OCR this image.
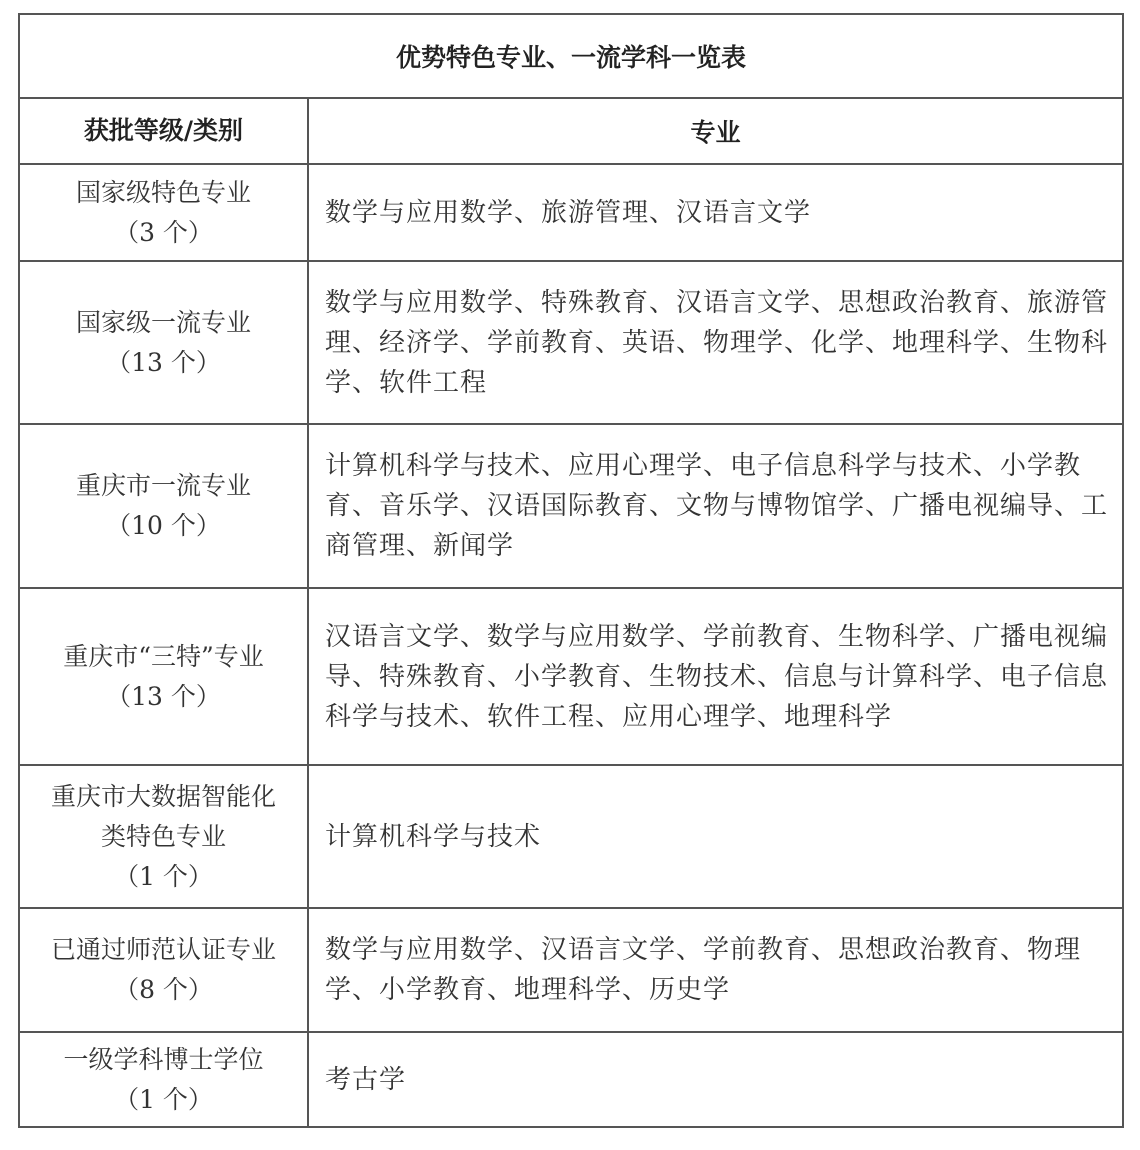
优势特色专业、一流学科一览表	
获批等级/类别	专业

国家级特色专业
（3 个）	数学与应用数学、旅游管理、汉语言文学

国家级一流专业
（13 个）	数学与应用数学、特殊教育、汉语言文学、思想政治教育、旅游管理、经济学、学前教育、英语、物理学、化学、地理科学、生物科学、软件工程

重庆市一流专业
（10 个）	计算机科学与技术、应用心理学、电子信息科学与技术、小学教育、音乐学、汉语国际教育、文物与博物馆学、广播电视编导、工商管理、新闻学

重庆市“三特”专业
（13 个）	汉语言文学、数学与应用数学、学前教育、生物科学、广播电视编导、特殊教育、小学教育、生物技术、信息与计算科学、电子信息科学与技术、软件工程、应用心理学、地理科学

重庆市大数据智能化
类特色专业
（1 个）	计算机科学与技术

已通过师范认证专业
（8 个）	数学与应用数学、汉语言文学、学前教育、思想政治教育、物理学、小学教育、地理科学、历史学

一级学科博士学位
（1 个）	考古学
